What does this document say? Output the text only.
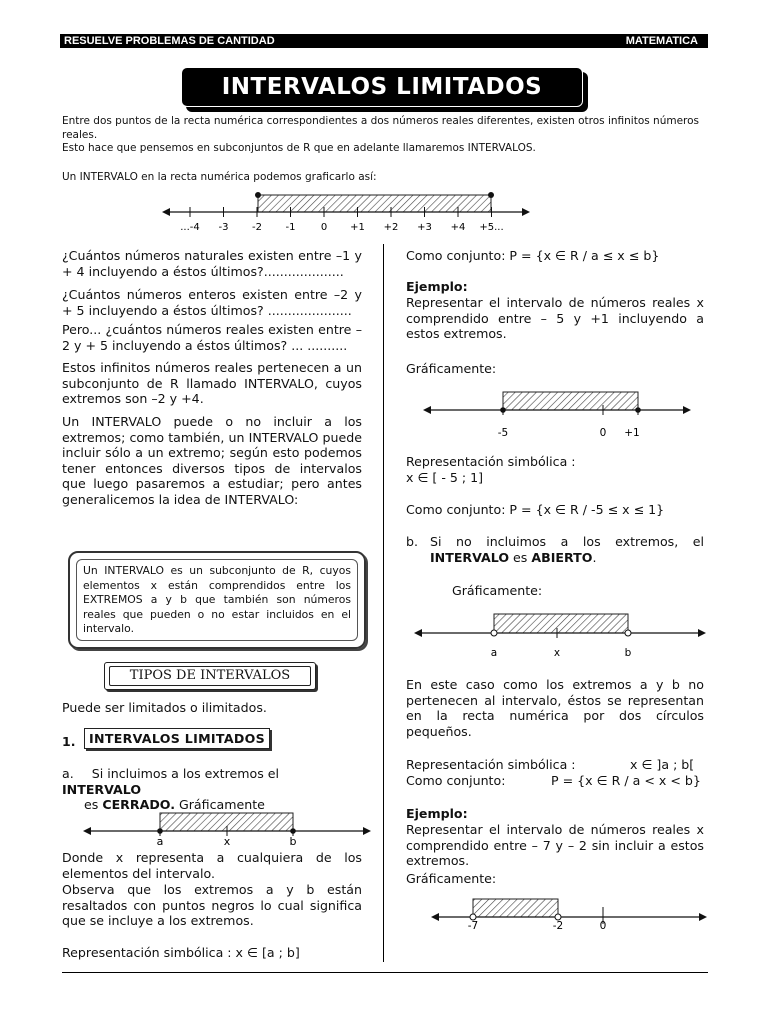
RESUELVE PROBLEMAS DE CANTIDAD	MATEMATICA
INTERVALOS LIMITADOS
Entre dos puntos de la recta numérica correspondientes a dos números reales diferentes, existen otros infinitos números reales.
Esto hace que pensemos en subconjuntos de R que en adelante llamaremos INTERVALOS.
Un INTERVALO en la recta numérica podemos graficarlo así:
...-4 -3 -2 -1	0 +1 +2 +3 +4 +5...
¿Cuántos números naturales existen entre –1 y + 4 incluyendo a éstos últimos?....................
¿Cuántos números enteros existen entre –2 y + 5 incluyendo a éstos últimos? .....................
Pero... ¿cuántos números reales existen entre –2 y + 5 incluyendo a éstos últimos? ... ..........
Estos infinitos números reales pertenecen a un subconjunto de R llamado INTERVALO, cuyos extremos son –2 y +4.
Un INTERVALO puede o no incluir a los extremos; como también, un INTERVALO puede incluir sólo a un extremo; según esto podemos tener entonces diversos tipos de intervalos que luego pasaremos a estudiar; pero antes generalicemos la idea de INTERVALO:
Un INTERVALO es un subconjunto de R, cuyos elementos x están comprendidos entre los EXTREMOS a y b que también son números reales que pueden o no estar incluidos en el intervalo.
TIPOS DE INTERVALOS
Puede ser limitados o ilimitados.
1.	INTERVALOS LIMITADOS
a. Si incluimos a los extremos el INTERVALO
es CERRADO. Gráficamente
a	x	b
Donde x representa a cualquiera de los elementos del intervalo.
Observa que los extremos a y b están resaltados con puntos negros lo cual significa que se incluye a los extremos.
Representación simbólica : x ∈ [a ; b]
Como conjunto: P = {x ∈ R / a ≤ x ≤ b}
Ejemplo:
Representar el intervalo de números reales x comprendido entre – 5 y +1 incluyendo a estos extremos.
Gráficamente:
-5	0 +1
Representación simbólica :
x ∈ [ - 5 ; 1]
Como conjunto: P = {x ∈ R / -5 ≤ x ≤ 1}
b. Si no incluimos a los extremos, el
INTERVALO es ABIERTO.
Gráficamente:
a	x	b
En este caso como los extremos a y b no pertenecen al intervalo, éstos se representan en la recta numérica por dos círculos pequeños.
Representación simbólica :	x ∈ ]a ; b[
Como conjunto:	P = {x ∈ R / a < x < b}
Ejemplo:
Representar el intervalo de números reales x comprendido entre – 7 y – 2 sin incluir a estos extremos.
Gráficamente:
-7	-2	0
